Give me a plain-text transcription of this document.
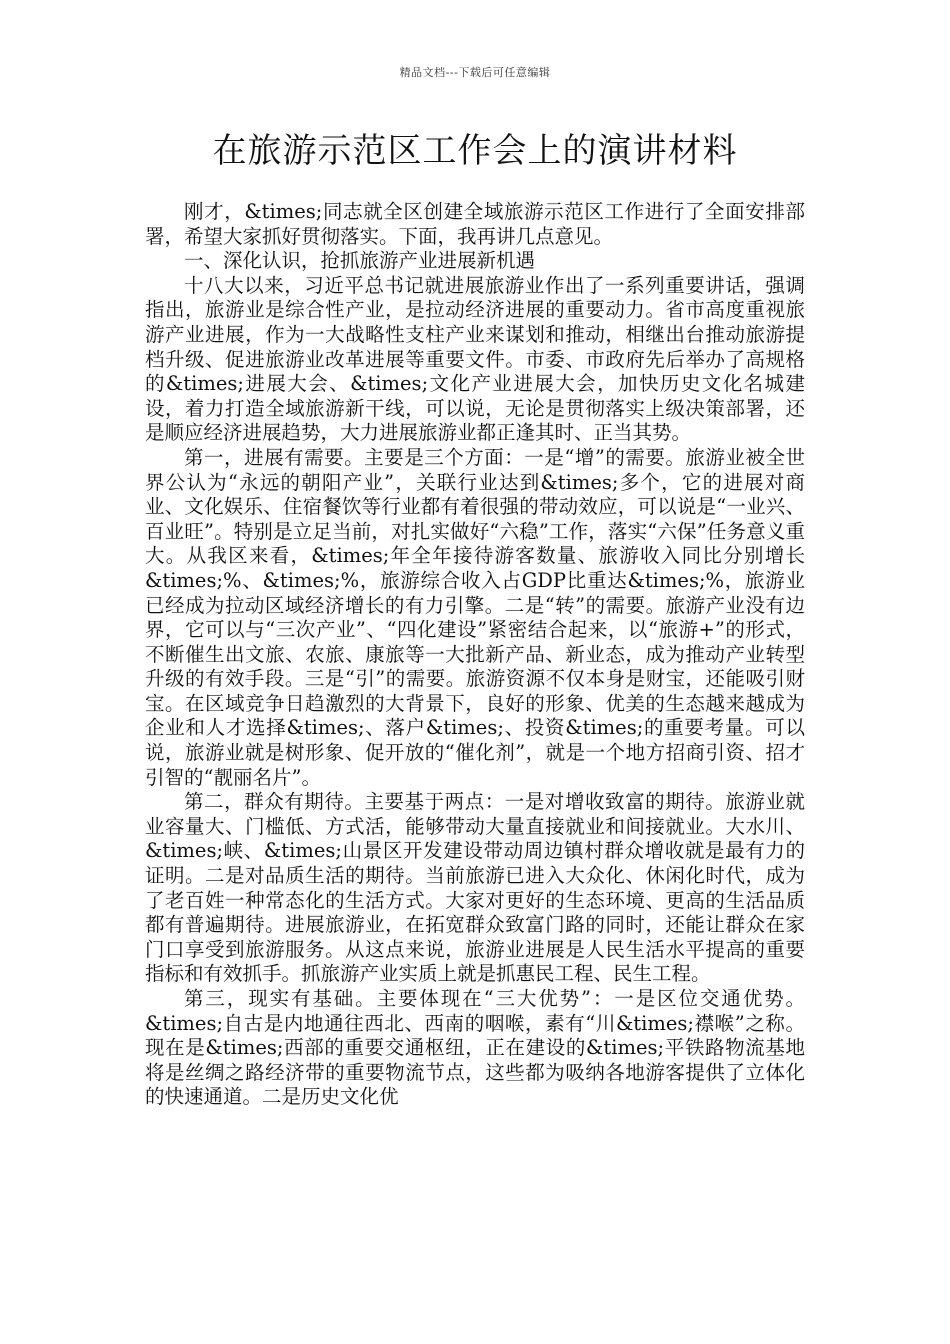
精品文档---下载后可任意编辑
在旅游示范区工作会上的演讲材料

刚才，&times;同志就全区创建全域旅游示范区工作进行了全面安排部署，希望大家抓好贯彻落实。下面，我再讲几点意见。

一、深化认识，抢抓旅游产业进展新机遇

十八大以来，习近平总书记就进展旅游业作出了一系列重要讲话，强调指出，旅游业是综合性产业，是拉动经济进展的重要动力。省市高度重视旅游产业进展，作为一大战略性支柱产业来谋划和推动，相继出台推动旅游提档升级、促进旅游业改革进展等重要文件。市委、市政府先后举办了高规格的&times;进展大会、&times;文化产业进展大会，加快历史文化名城建设，着力打造全域旅游新干线，可以说，无论是贯彻落实上级决策部署，还是顺应经济进展趋势，大力进展旅游业都正逢其时、正当其势。

第一，进展有需要。主要是三个方面：一是“增”的需要。旅游业被全世界公认为“永远的朝阳产业”，关联行业达到&times;多个，它的进展对商业、文化娱乐、住宿餐饮等行业都有着很强的带动效应，可以说是“一业兴、百业旺”。特别是立足当前，对扎实做好“六稳”工作，落实“六保”任务意义重大。从我区来看，&times;年全年接待游客数量、旅游收入同比分别增长&times;%、&times;%，旅游综合收入占GDP比重达&times;%，旅游业已经成为拉动区域经济增长的有力引擎。二是“转”的需要。旅游产业没有边界，它可以与“三次产业”、“四化建设”紧密结合起来，以“旅游+”的形式，不断催生出文旅、农旅、康旅等一大批新产品、新业态，成为推动产业转型升级的有效手段。三是“引”的需要。旅游资源不仅本身是财宝，还能吸引财宝。在区域竞争日趋激烈的大背景下，良好的形象、优美的生态越来越成为企业和人才选择&times;、落户&times;、投资&times;的重要考量。可以说，旅游业就是树形象、促开放的“催化剂”，就是一个地方招商引资、招才引智的“靓丽名片”。

第二，群众有期待。主要基于两点：一是对增收致富的期待。旅游业就业容量大、门槛低、方式活，能够带动大量直接就业和间接就业。大水川、&times;峡、&times;山景区开发建设带动周边镇村群众增收就是最有力的证明。二是对品质生活的期待。当前旅游已进入大众化、休闲化时代，成为了老百姓一种常态化的生活方式。大家对更好的生态环境、更高的生活品质都有普遍期待。进展旅游业，在拓宽群众致富门路的同时，还能让群众在家门口享受到旅游服务。从这点来说，旅游业进展是人民生活水平提高的重要指标和有效抓手。抓旅游产业实质上就是抓惠民工程、民生工程。

第三，现实有基础。主要体现在“三大优势”：一是区位交通优势。&times;自古是内地通往西北、西南的咽喉，素有“川&times;襟喉”之称。现在是&times;西部的重要交通枢纽，正在建设的&times;平铁路物流基地将是丝绸之路经济带的重要物流节点，这些都为吸纳各地游客提供了立体化的快速通道。二是历史文化优
